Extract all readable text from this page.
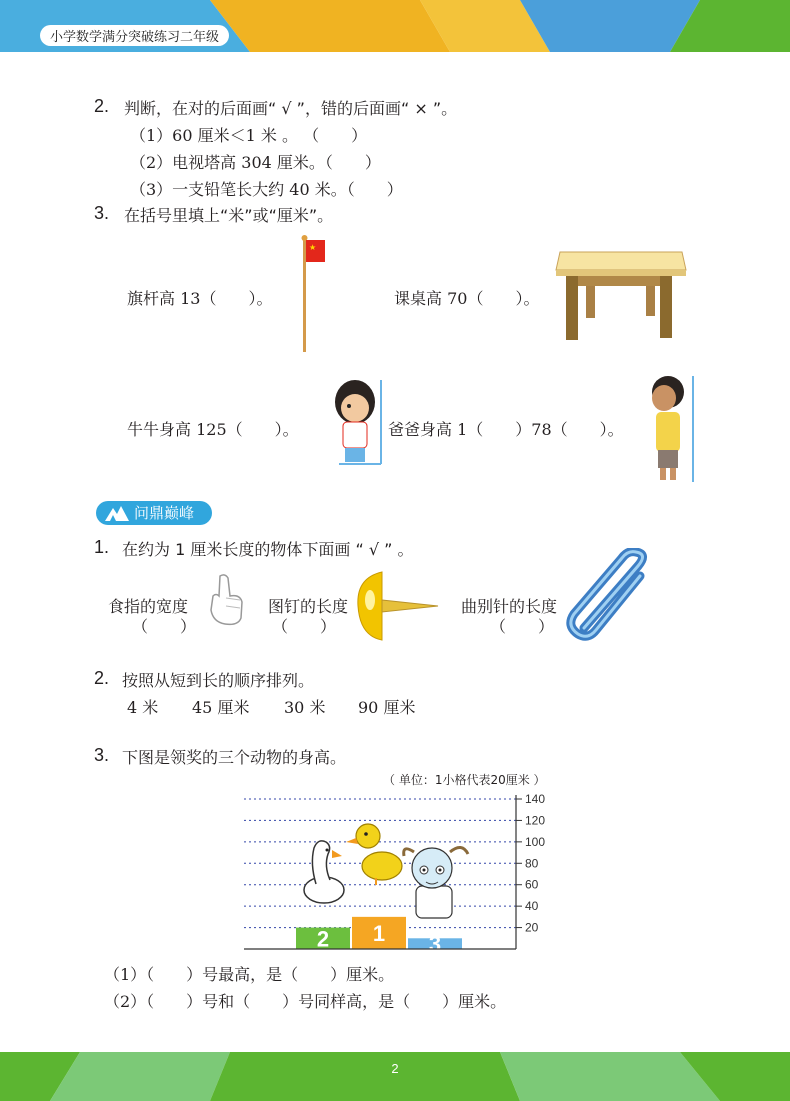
小学数学满分突破练习二年级
2. 判断，在对的后面画“ √ ”，错的后面画“ × ”。
（1）60 厘米＜1 米 。 （　　）
（2）电视塔高 304 厘米。（　　）
（3）一支铅笔长大约 40 米。（　　）
3. 在括号里填上“米”或“厘米”。
旗杆高 13（　　）。
★
课桌高 70（　　）。
牛牛身高 125（　　）。	爸爸身高 1（　　）78（　　）。
问鼎巅峰
1. 在约为 1 厘米长度的物体下面画 “ √ ” 。
食指的宽度
（　　）
图钉的长度
（　　）
曲别针的长度
（　　）
2. 按照从短到长的顺序排列。
4 米 45 厘米 30 米 90 厘米
3. 下图是领奖的三个动物的身高。
（ 单位：1小格代表20厘米 ）
2 1 3
20
40
60
80
100
120
140
（1）（　　）号最高，是（　　）厘米。
（2）（　　）号和（　　）号同样高，是（　　）厘米。
2
